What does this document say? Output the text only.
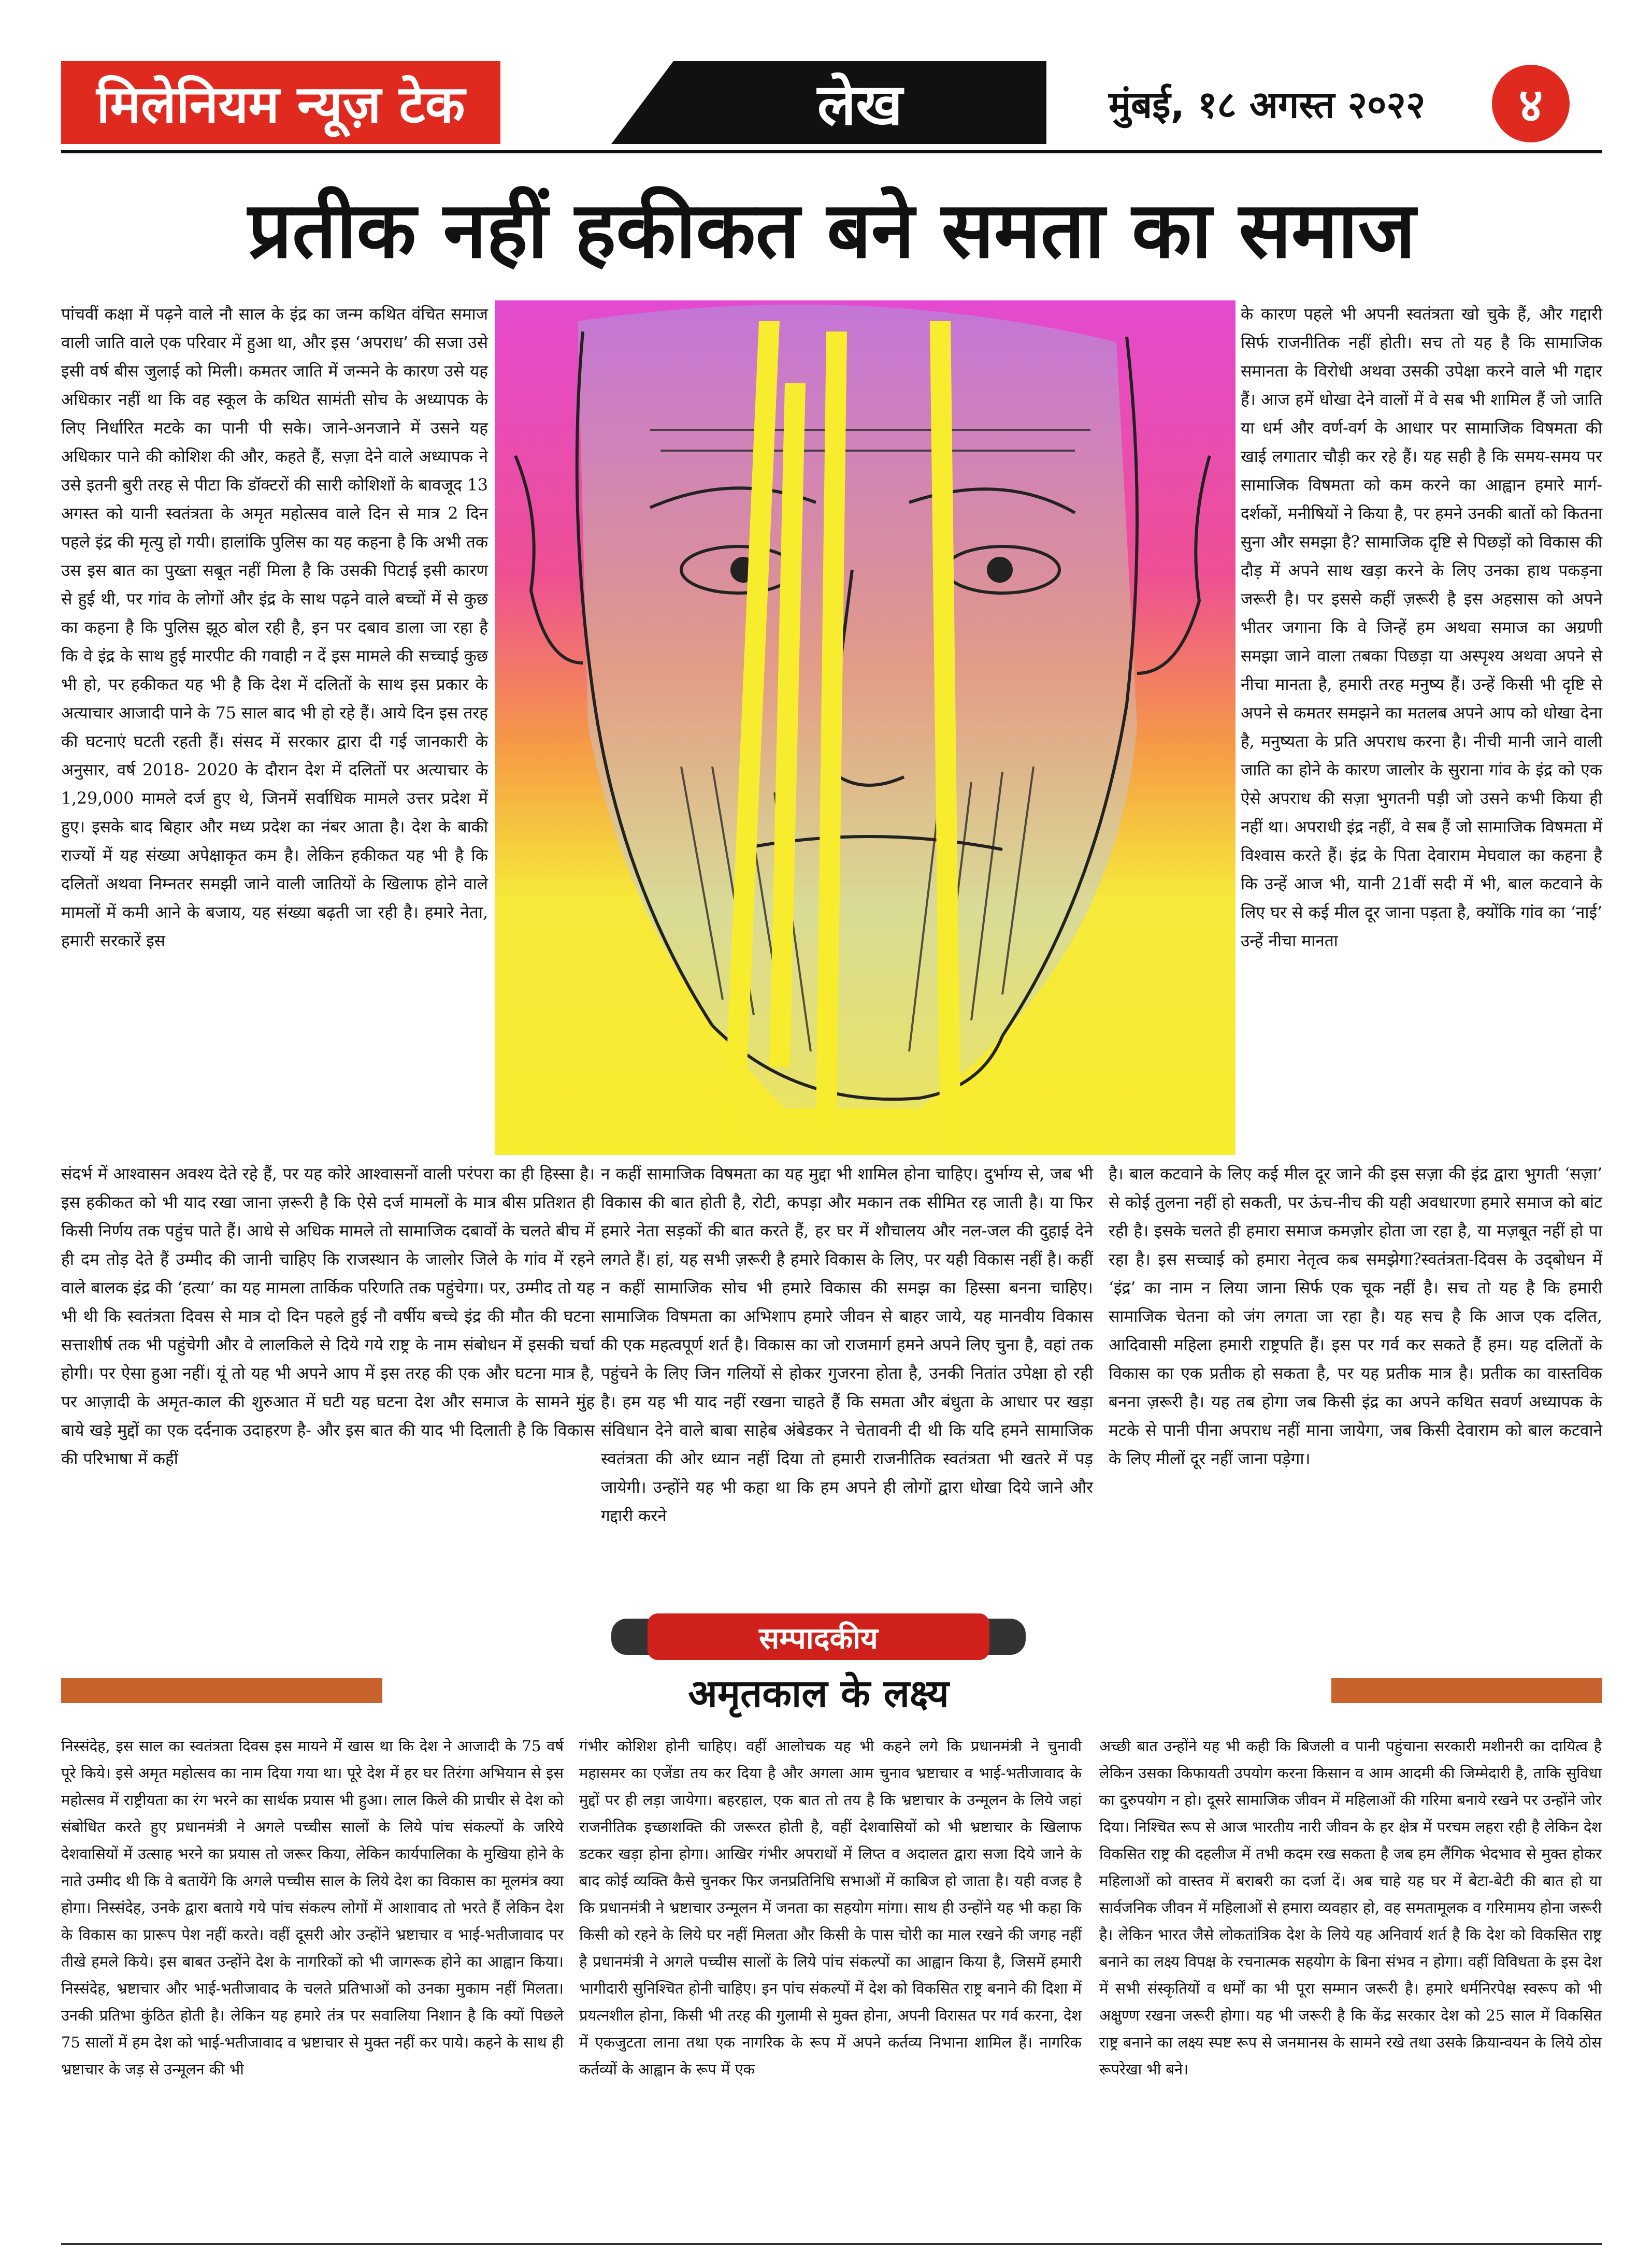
मिलेनियम न्यूज़ टेक	लेख	मुंबई, १८ अगस्त २०२२	४
प्रतीक नहीं हकीकत बने समता का समाज

पांचवीं कक्षा में पढ़ने वाले नौ साल के इंद्र का जन्म कथित वंचित समाज वाली जाति वाले एक परिवार में हुआ था, और इस ‘अपराध’ की सजा उसे इसी वर्ष बीस जुलाई को मिली। कमतर जाति में जन्मने के कारण उसे यह अधिकार नहीं था कि वह स्कूल के कथित सामंती सोच के अध्यापक के लिए निर्धारित मटके का पानी पी सके। जाने-अनजाने में उसने यह अधिकार पाने की कोशिश की और, कहते हैं, सज़ा देने वाले अध्यापक ने उसे इतनी बुरी तरह से पीटा कि डॉक्टरों की सारी कोशिशों के बावजूद 13 अगस्त को यानी स्वतंत्रता के अमृत महोत्सव वाले दिन से मात्र 2 दिन पहले इंद्र की मृत्यु हो गयी। हालांकि पुलिस का यह कहना है कि अभी तक उस इस बात का पुख्ता सबूत नहीं मिला है कि उसकी पिटाई इसी कारण से हुई थी, पर गांव के लोगों और इंद्र के साथ पढ़ने वाले बच्चों में से कुछ का कहना है कि पुलिस झूठ बोल रही है, इन पर दबाव डाला जा रहा है कि वे इंद्र के साथ हुई मारपीट की गवाही न दें इस मामले की सच्चाई कुछ भी हो, पर हकीकत यह भी है कि देश में दलितों के साथ इस प्रकार के अत्याचार आजादी पाने के 75 साल बाद भी हो रहे हैं। आये दिन इस तरह की घटनाएं घटती रहती हैं। संसद में सरकार द्वारा दी गई जानकारी के अनुसार, वर्ष 2018- 2020 के दौरान देश में दलितों पर अत्याचार के 1,29,000 मामले दर्ज हुए थे, जिनमें सर्वाधिक मामले उत्तर प्रदेश में हुए। इसके बाद बिहार और मध्य प्रदेश का नंबर आता है। देश के बाकी राज्यों में यह संख्या अपेक्षाकृत कम है। लेकिन हकीकत यह भी है कि दलितों अथवा निम्नतर समझी जाने वाली जातियों के खिलाफ होने वाले मामलों में कमी आने के बजाय, यह संख्या बढ़ती जा रही है। हमारे नेता, हमारी सरकारें इस

के कारण पहले भी अपनी स्वतंत्रता खो चुके हैं, और गद्दारी सिर्फ राजनीतिक नहीं होती। सच तो यह है कि सामाजिक समानता के विरोधी अथवा उसकी उपेक्षा करने वाले भी गद्दार हैं। आज हमें धोखा देने वालों में वे सब भी शामिल हैं जो जाति या धर्म और वर्ण-वर्ग के आधार पर सामाजिक विषमता की खाई लगातार चौड़ी कर रहे हैं। यह सही है कि समय-समय पर सामाजिक विषमता को कम करने का आह्वान हमारे मार्ग-दर्शकों, मनीषियों ने किया है, पर हमने उनकी बातों को कितना सुना और समझा है? सामाजिक दृष्टि से पिछड़ों को विकास की दौड़ में अपने साथ खड़ा करने के लिए उनका हाथ पकड़ना जरूरी है। पर इससे कहीं ज़रूरी है इस अहसास को अपने भीतर जगाना कि वे जिन्हें हम अथवा समाज का अग्रणी समझा जाने वाला तबका पिछड़ा या अस्पृश्य अथवा अपने से नीचा मानता है, हमारी तरह मनुष्य हैं। उन्हें किसी भी दृष्टि से अपने से कमतर समझने का मतलब अपने आप को धोखा देना है, मनुष्यता के प्रति अपराध करना है। नीची मानी जाने वाली जाति का होने के कारण जालोर के सुराना गांव के इंद्र को एक ऐसे अपराध की सज़ा भुगतनी पड़ी जो उसने कभी किया ही नहीं था। अपराधी इंद्र नहीं, वे सब हैं जो सामाजिक विषमता में विश्वास करते हैं। इंद्र के पिता देवाराम मेघवाल का कहना है कि उन्हें आज भी, यानी 21वीं सदी में भी, बाल कटवाने के लिए घर से कई मील दूर जाना पड़ता है, क्योंकि गांव का ‘नाई’ उन्हें नीचा मानता

संदर्भ में आश्वासन अवश्य देते रहे हैं, पर यह कोरे आश्वासनों वाली परंपरा का ही हिस्सा है। इस हकीकत को भी याद रखा जाना ज़रूरी है कि ऐसे दर्ज मामलों के मात्र बीस प्रतिशत ही किसी निर्णय तक पहुंच पाते हैं। आधे से अधिक मामले तो सामाजिक दबावों के चलते बीच में ही दम तोड़ देते हैं उम्मीद की जानी चाहिए कि राजस्थान के जालोर जिले के गांव में रहने वाले बालक इंद्र की ‘हत्या’ का यह मामला तार्किक परिणति तक पहुंचेगा। पर, उम्मीद तो यह भी थी कि स्वतंत्रता दिवस से मात्र दो दिन पहले हुई नौ वर्षीय बच्चे इंद्र की मौत की घटना सत्ताशीर्ष तक भी पहुंचेगी और वे लालकिले से दिये गये राष्ट्र के नाम संबोधन में इसकी चर्चा होगी। पर ऐसा हुआ नहीं। यूं तो यह भी अपने आप में इस तरह की एक और घटना मात्र है, पर आज़ादी के अमृत-काल की शुरुआत में घटी यह घटना देश और समाज के सामने मुंह बाये खड़े मुद्दों का एक दर्दनाक उदाहरण है- और इस बात की याद भी दिलाती है कि विकास की परिभाषा में कहीं

न कहीं सामाजिक विषमता का यह मुद्दा भी शामिल होना चाहिए। दुर्भाग्य से, जब भी विकास की बात होती है, रोटी, कपड़ा और मकान तक सीमित रह जाती है। या फिर हमारे नेता सड़कों की बात करते हैं, हर घर में शौचालय और नल-जल की दुहाई देने लगते हैं। हां, यह सभी ज़रूरी है हमारे विकास के लिए, पर यही विकास नहीं है। कहीं न कहीं सामाजिक सोच भी हमारे विकास की समझ का हिस्सा बनना चाहिए। सामाजिक विषमता का अभिशाप हमारे जीवन से बाहर जाये, यह मानवीय विकास की एक महत्वपूर्ण शर्त है। विकास का जो राजमार्ग हमने अपने लिए चुना है, वहां तक पहुंचने के लिए जिन गलियों से होकर गुजरना होता है, उनकी नितांत उपेक्षा हो रही है। हम यह भी याद नहीं रखना चाहते हैं कि समता और बंधुता के आधार पर खड़ा संविधान देने वाले बाबा साहेब अंबेडकर ने चेतावनी दी थी कि यदि हमने सामाजिक स्वतंत्रता की ओर ध्यान नहीं दिया तो हमारी राजनीतिक स्वतंत्रता भी खतरे में पड़ जायेगी। उन्होंने यह भी कहा था कि हम अपने ही लोगों द्वारा धोखा दिये जाने और गद्दारी करने

है। बाल कटवाने के लिए कई मील दूर जाने की इस सज़ा की इंद्र द्वारा भुगती ‘सज़ा’ से कोई तुलना नहीं हो सकती, पर ऊंच-नीच की यही अवधारणा हमारे समाज को बांट रही है। इसके चलते ही हमारा समाज कमज़ोर होता जा रहा है, या मज़बूत नहीं हो पा रहा है। इस सच्चाई को हमारा नेतृत्व कब समझेगा?स्वतंत्रता-दिवस के उद्‌बोधन में ‘इंद्र’ का नाम न लिया जाना सिर्फ एक चूक नहीं है। सच तो यह है कि हमारी सामाजिक चेतना को जंग लगता जा रहा है। यह सच है कि आज एक दलित, आदिवासी महिला हमारी राष्ट्रपति हैं। इस पर गर्व कर सकते हैं हम। यह दलितों के विकास का एक प्रतीक हो सकता है, पर यह प्रतीक मात्र है। प्रतीक का वास्तविक बनना ज़रूरी है। यह तब होगा जब किसी इंद्र का अपने कथित सवर्ण अध्यापक के मटके से पानी पीना अपराध नहीं माना जायेगा, जब किसी देवाराम को बाल कटवाने के लिए मीलों दूर नहीं जाना पड़ेगा।

सम्पादकीय
अमृतकाल के लक्ष्य

निस्संदेह, इस साल का स्वतंत्रता दिवस इस मायने में खास था कि देश ने आजादी के 75 वर्ष पूरे किये। इसे अमृत महोत्सव का नाम दिया गया था। पूरे देश में हर घर तिरंगा अभियान से इस महोत्सव में राष्ट्रीयता का रंग भरने का सार्थक प्रयास भी हुआ। लाल किले की प्राचीर से देश को संबोधित करते हुए प्रधानमंत्री ने अगले पच्चीस सालों के लिये पांच संकल्पों के जरिये देशवासियों में उत्साह भरने का प्रयास तो जरूर किया, लेकिन कार्यपालिका के मुखिया होने के नाते उम्मीद थी कि वे बतायेंगे कि अगले पच्चीस साल के लिये देश का विकास का मूलमंत्र क्या होगा। निस्संदेह, उनके द्वारा बताये गये पांच संकल्प लोगों में आशावाद तो भरते हैं लेकिन देश के विकास का प्रारूप पेश नहीं करते। वहीं दूसरी ओर उन्होंने भ्रष्टाचार व भाई-भतीजावाद पर तीखे हमले किये। इस बाबत उन्होंने देश के नागरिकों को भी जागरूक होने का आह्वान किया। निस्संदेह, भ्रष्टाचार और भाई-भतीजावाद के चलते प्रतिभाओं को उनका मुकाम नहीं मिलता। उनकी प्रतिभा कुंठित होती है। लेकिन यह हमारे तंत्र पर सवालिया निशान है कि क्यों पिछले 75 सालों में हम देश को भाई-भतीजावाद व भ्रष्टाचार से मुक्त नहीं कर पाये। कहने के साथ ही भ्रष्टाचार के जड़ से उन्मूलन की भी

गंभीर कोशिश होनी चाहिए। वहीं आलोचक यह भी कहने लगे कि प्रधानमंत्री ने चुनावी महासमर का एजेंडा तय कर दिया है और अगला आम चुनाव भ्रष्टाचार व भाई-भतीजावाद के मुद्दों पर ही लड़ा जायेगा। बहरहाल, एक बात तो तय है कि भ्रष्टाचार के उन्मूलन के लिये जहां राजनीतिक इच्छाशक्ति की जरूरत होती है, वहीं देशवासियों को भी भ्रष्टाचार के खिलाफ डटकर खड़ा होना होगा। आखिर गंभीर अपराधों में लिप्त व अदालत द्वारा सजा दिये जाने के बाद कोई व्यक्ति कैसे चुनकर फिर जनप्रतिनिधि सभाओं में काबिज हो जाता है। यही वजह है कि प्रधानमंत्री ने भ्रष्टाचार उन्मूलन में जनता का सहयोग मांगा। साथ ही उन्होंने यह भी कहा कि किसी को रहने के लिये घर नहीं मिलता और किसी के पास चोरी का माल रखने की जगह नहीं है प्रधानमंत्री ने अगले पच्चीस सालों के लिये पांच संकल्पों का आह्वान किया है, जिसमें हमारी भागीदारी सुनिश्चित होनी चाहिए। इन पांच संकल्पों में देश को विकसित राष्ट्र बनाने की दिशा में प्रयत्नशील होना, किसी भी तरह की गुलामी से मुक्त होना, अपनी विरासत पर गर्व करना, देश में एकजुटता लाना तथा एक नागरिक के रूप में अपने कर्तव्य निभाना शामिल हैं। नागरिक कर्तव्यों के आह्वान के रूप में एक

अच्छी बात उन्होंने यह भी कही कि बिजली व पानी पहुंचाना सरकारी मशीनरी का दायित्व है लेकिन उसका किफायती उपयोग करना किसान व आम आदमी की जिम्मेदारी है, ताकि सुविधा का दुरुपयोग न हो। दूसरे सामाजिक जीवन में महिलाओं की गरिमा बनाये रखने पर उन्होंने जोर दिया। निश्चित रूप से आज भारतीय नारी जीवन के हर क्षेत्र में परचम लहरा रही है लेकिन देश विकसित राष्ट्र की दहलीज में तभी कदम रख सकता है जब हम लैंगिक भेदभाव से मुक्त होकर महिलाओं को वास्तव में बराबरी का दर्जा दें। अब चाहे यह घर में बेटा-बेटी की बात हो या सार्वजनिक जीवन में महिलाओं से हमारा व्यवहार हो, वह समतामूलक व गरिमामय होना जरूरी है। लेकिन भारत जैसे लोकतांत्रिक देश के लिये यह अनिवार्य शर्त है कि देश को विकसित राष्ट्र बनाने का लक्ष्य विपक्ष के रचनात्मक सहयोग के बिना संभव न होगा। वहीं विविधता के इस देश में सभी संस्कृतियों व धर्मों का भी पूरा सम्मान जरूरी है। हमारे धर्मनिरपेक्ष स्वरूप को भी अक्षुण्ण रखना जरूरी होगा। यह भी जरूरी है कि केंद्र सरकार देश को 25 साल में विकसित राष्ट्र बनाने का लक्ष्य स्पष्ट रूप से जनमानस के सामने रखे तथा उसके क्रियान्वयन के लिये ठोस रूपरेखा भी बने।
